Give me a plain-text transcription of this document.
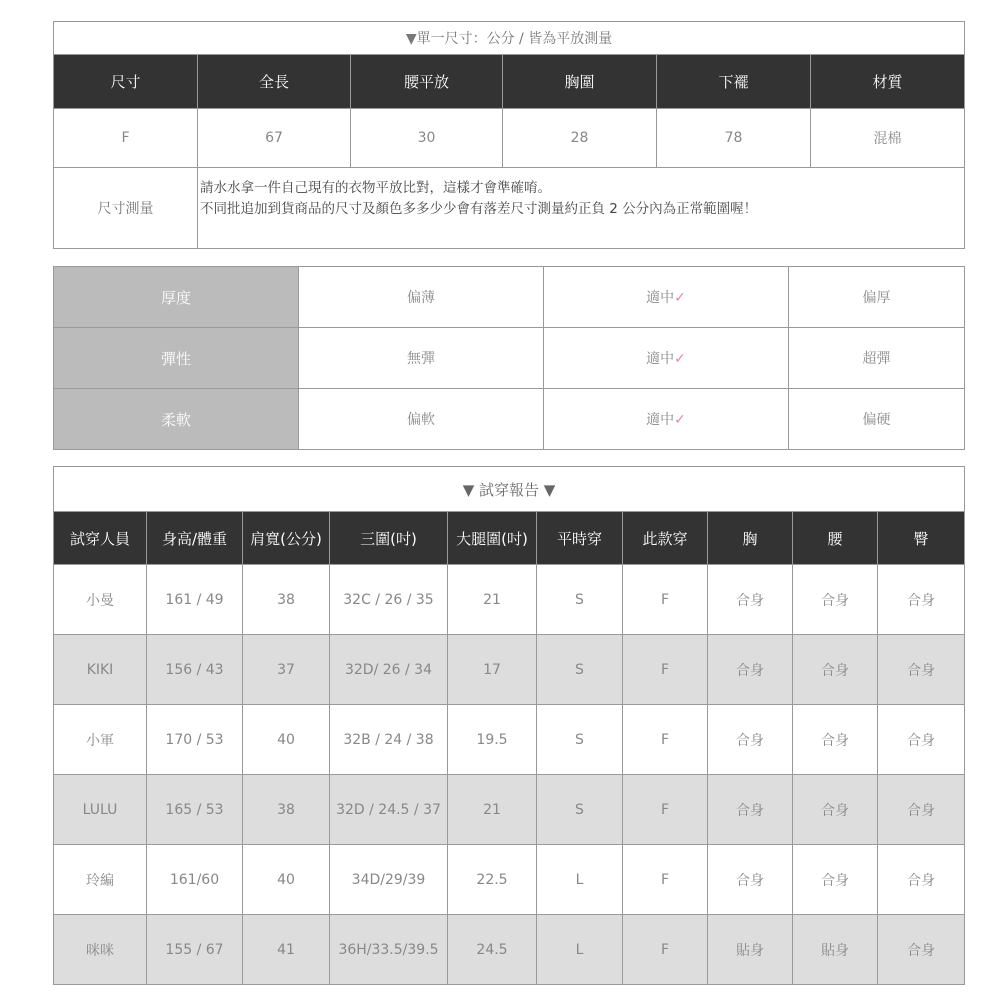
▼單一尺寸：公分 / 皆為平放測量					
尺寸	全長	腰平放	胸圍	下襬	材質
F	67	30	28	78	混棉
尺寸測量	請水水拿一件自己現有的衣物平放比對，這樣才會準確唷。
不同批追加到貨商品的尺寸及顏色多多少少會有落差尺寸測量約正負 2 公分內為正常範圍喔！				
厚度	偏薄	適中✓	偏厚
彈性	無彈	適中✓	超彈
柔軟	偏軟	適中✓	偏硬
▼ 試穿報告 ▼									
試穿人員	身高/體重	肩寬(公分)	三圍(吋)	大腿圍(吋)	平時穿	此款穿	胸	腰	臀
小曼	161 / 49	38	32C / 26 / 35	21	S	F	合身	合身	合身
KIKI	156 / 43	37	32D/ 26 / 34	17	S	F	合身	合身	合身
小軍	170 / 53	40	32B / 24 / 38	19.5	S	F	合身	合身	合身
LULU	165 / 53	38	32D / 24.5 / 37	21	S	F	合身	合身	合身
玲編	161/60	40	34D/29/39	22.5	L	F	合身	合身	合身
咪咪	155 / 67	41	36H/33.5/39.5	24.5	L	F	貼身	貼身	合身
